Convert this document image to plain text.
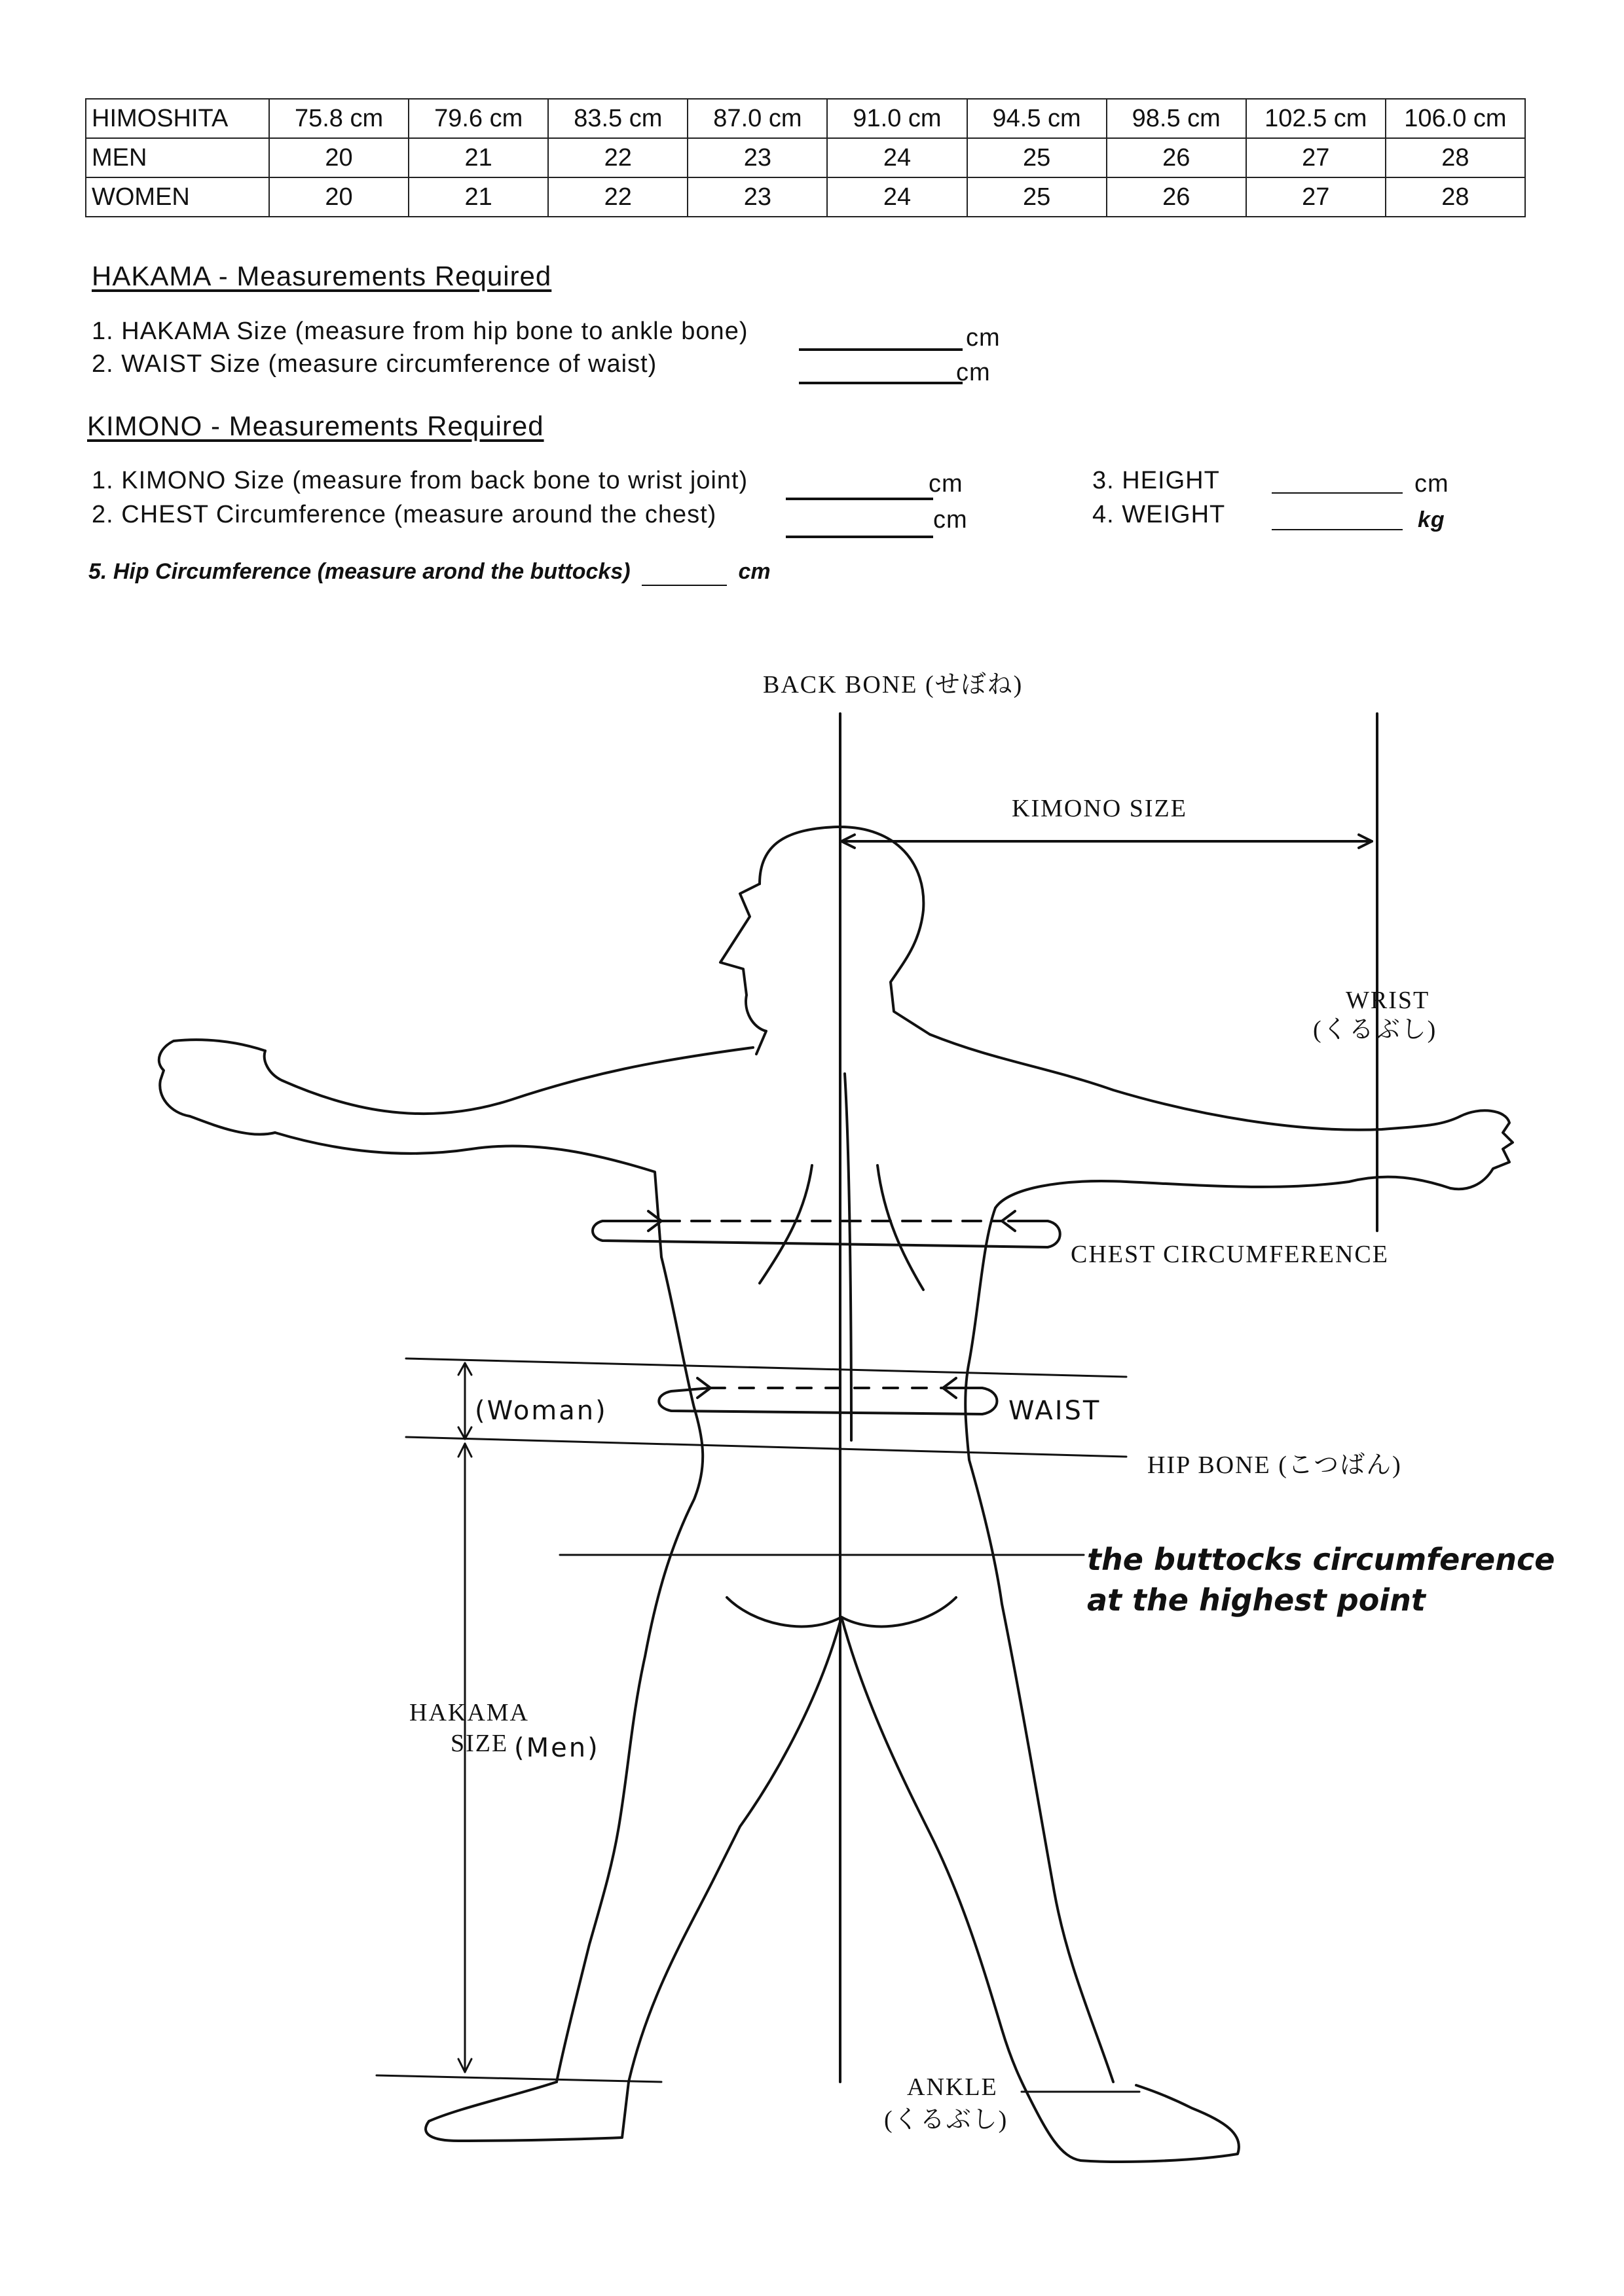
HIMOSHITA	75.8 cm	79.6 cm	83.5 cm	87.0 cm	91.0 cm	94.5 cm	98.5 cm	102.5 cm	106.0 cm
MEN	20	21	22	23	24	25	26	27	28
WOMEN	20	21	22	23	24	25	26	27	28
HAKAMA - Measurements Required
1. HAKAMA Size (measure from hip bone to ankle bone)	cm
2. WAIST Size (measure circumference of waist)	cm
KIMONO - Measurements Required
1. KIMONO Size (measure from back bone to wrist joint)	cm
2. CHEST Circumference (measure around the chest)	cm
3. HEIGHT	cm
4. WEIGHT	kg
5. Hip Circumference (measure arond the buttocks)	cm
BACK BONE (せぼね)
KIMONO SIZE
WRIST
(くるぶし)
CHEST CIRCUMFERENCE
(Woman)	WAIST
HIP BONE (こつばん)
the buttocks circumference
at the highest point
HAKAMA
SIZE (Men)
ANKLE
(くるぶし)
